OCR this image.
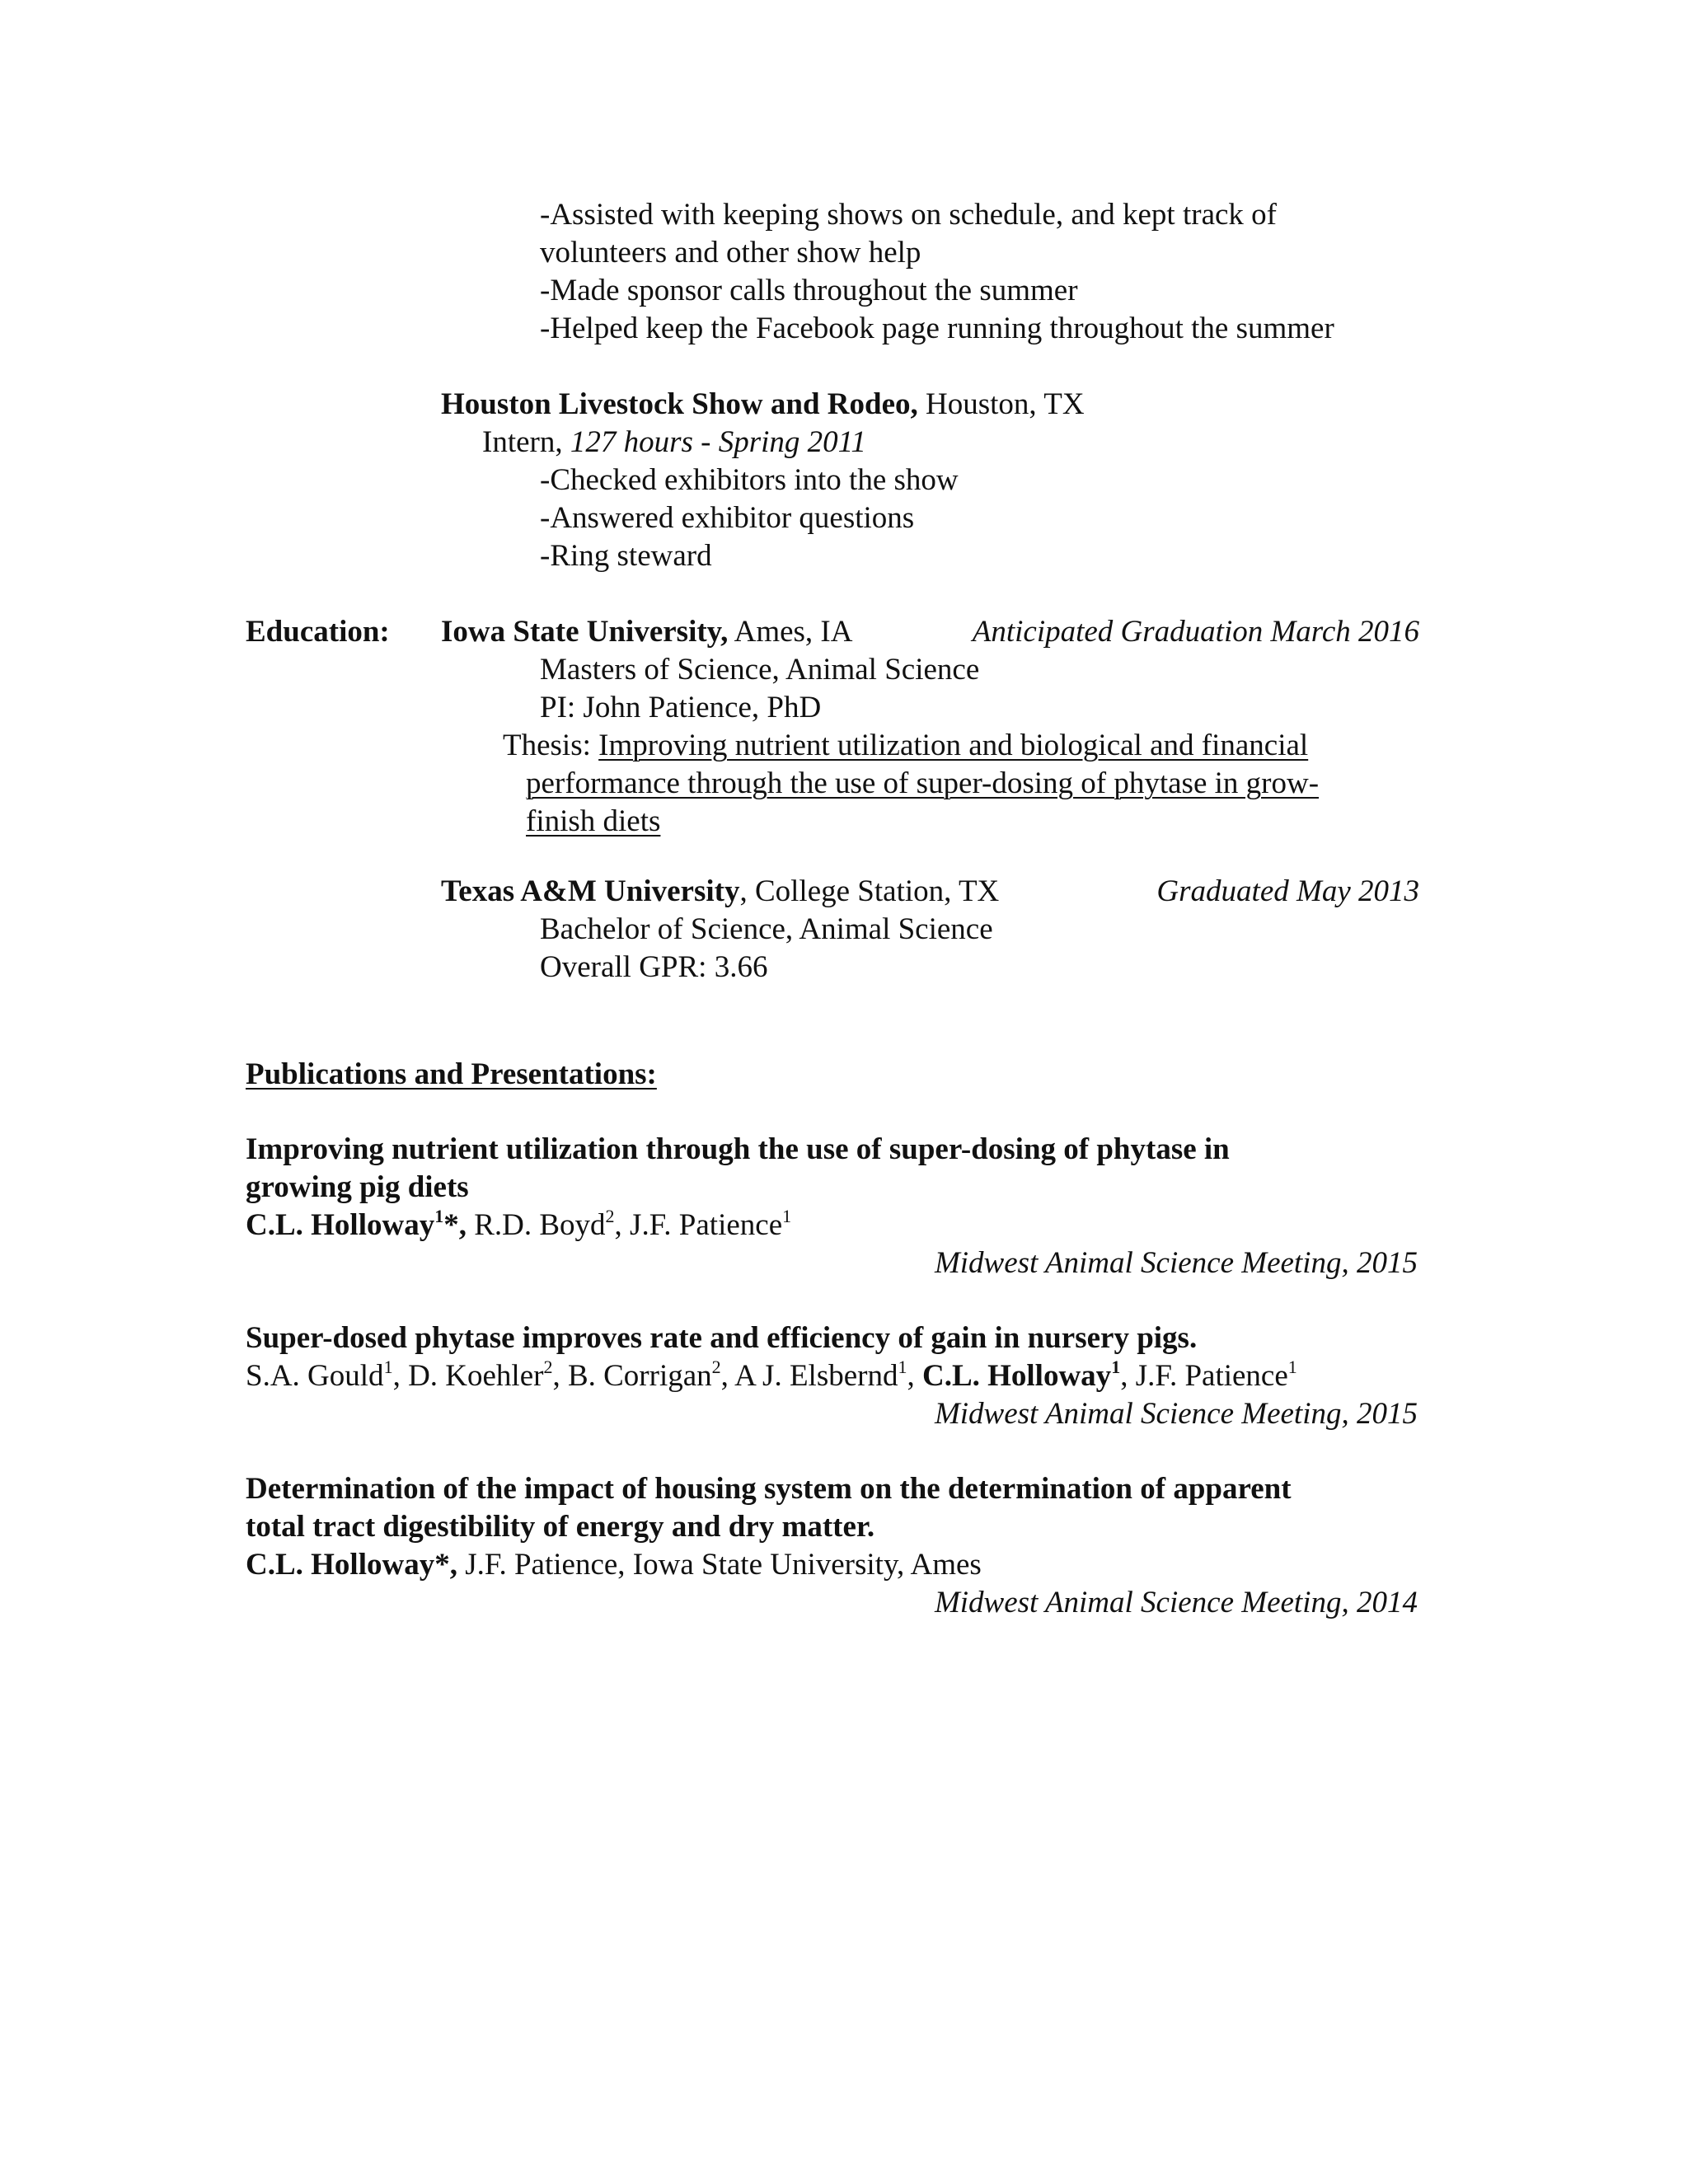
-Assisted with keeping shows on schedule, and kept track of
volunteers and other show help
-Made sponsor calls throughout the summer
-Helped keep the Facebook page running throughout the summer
Houston Livestock Show and Rodeo, Houston, TX
Intern, 127 hours - Spring 2011
-Checked exhibitors into the show
-Answered exhibitor questions
-Ring steward
Education: Iowa State University, Ames, IA	Anticipated Graduation March 2016
Masters of Science, Animal Science
PI: John Patience, PhD
Thesis: Improving nutrient utilization and biological and financial
performance through the use of super-dosing of phytase in grow-
finish diets
Texas A&M University, College Station, TX	Graduated May 2013
Bachelor of Science, Animal Science
Overall GPR: 3.66
Publications and Presentations:
Improving nutrient utilization through the use of super-dosing of phytase in
growing pig diets
C.L. Holloway$^1$*, R.D. Boyd$^2$, J.F. Patience$^1$
Midwest Animal Science Meeting, 2015
Super-dosed phytase improves rate and efficiency of gain in nursery pigs.
S.A. Gould$^1$, D. Koehler$^2$, B. Corrigan$^2$, A J. Elsbernd$^1$, C.L. Holloway$^1$, J.F. Patience$^1$
Midwest Animal Science Meeting, 2015
Determination of the impact of housing system on the determination of apparent
total tract digestibility of energy and dry matter.
C.L. Holloway*, J.F. Patience, Iowa State University, Ames
Midwest Animal Science Meeting, 2014
